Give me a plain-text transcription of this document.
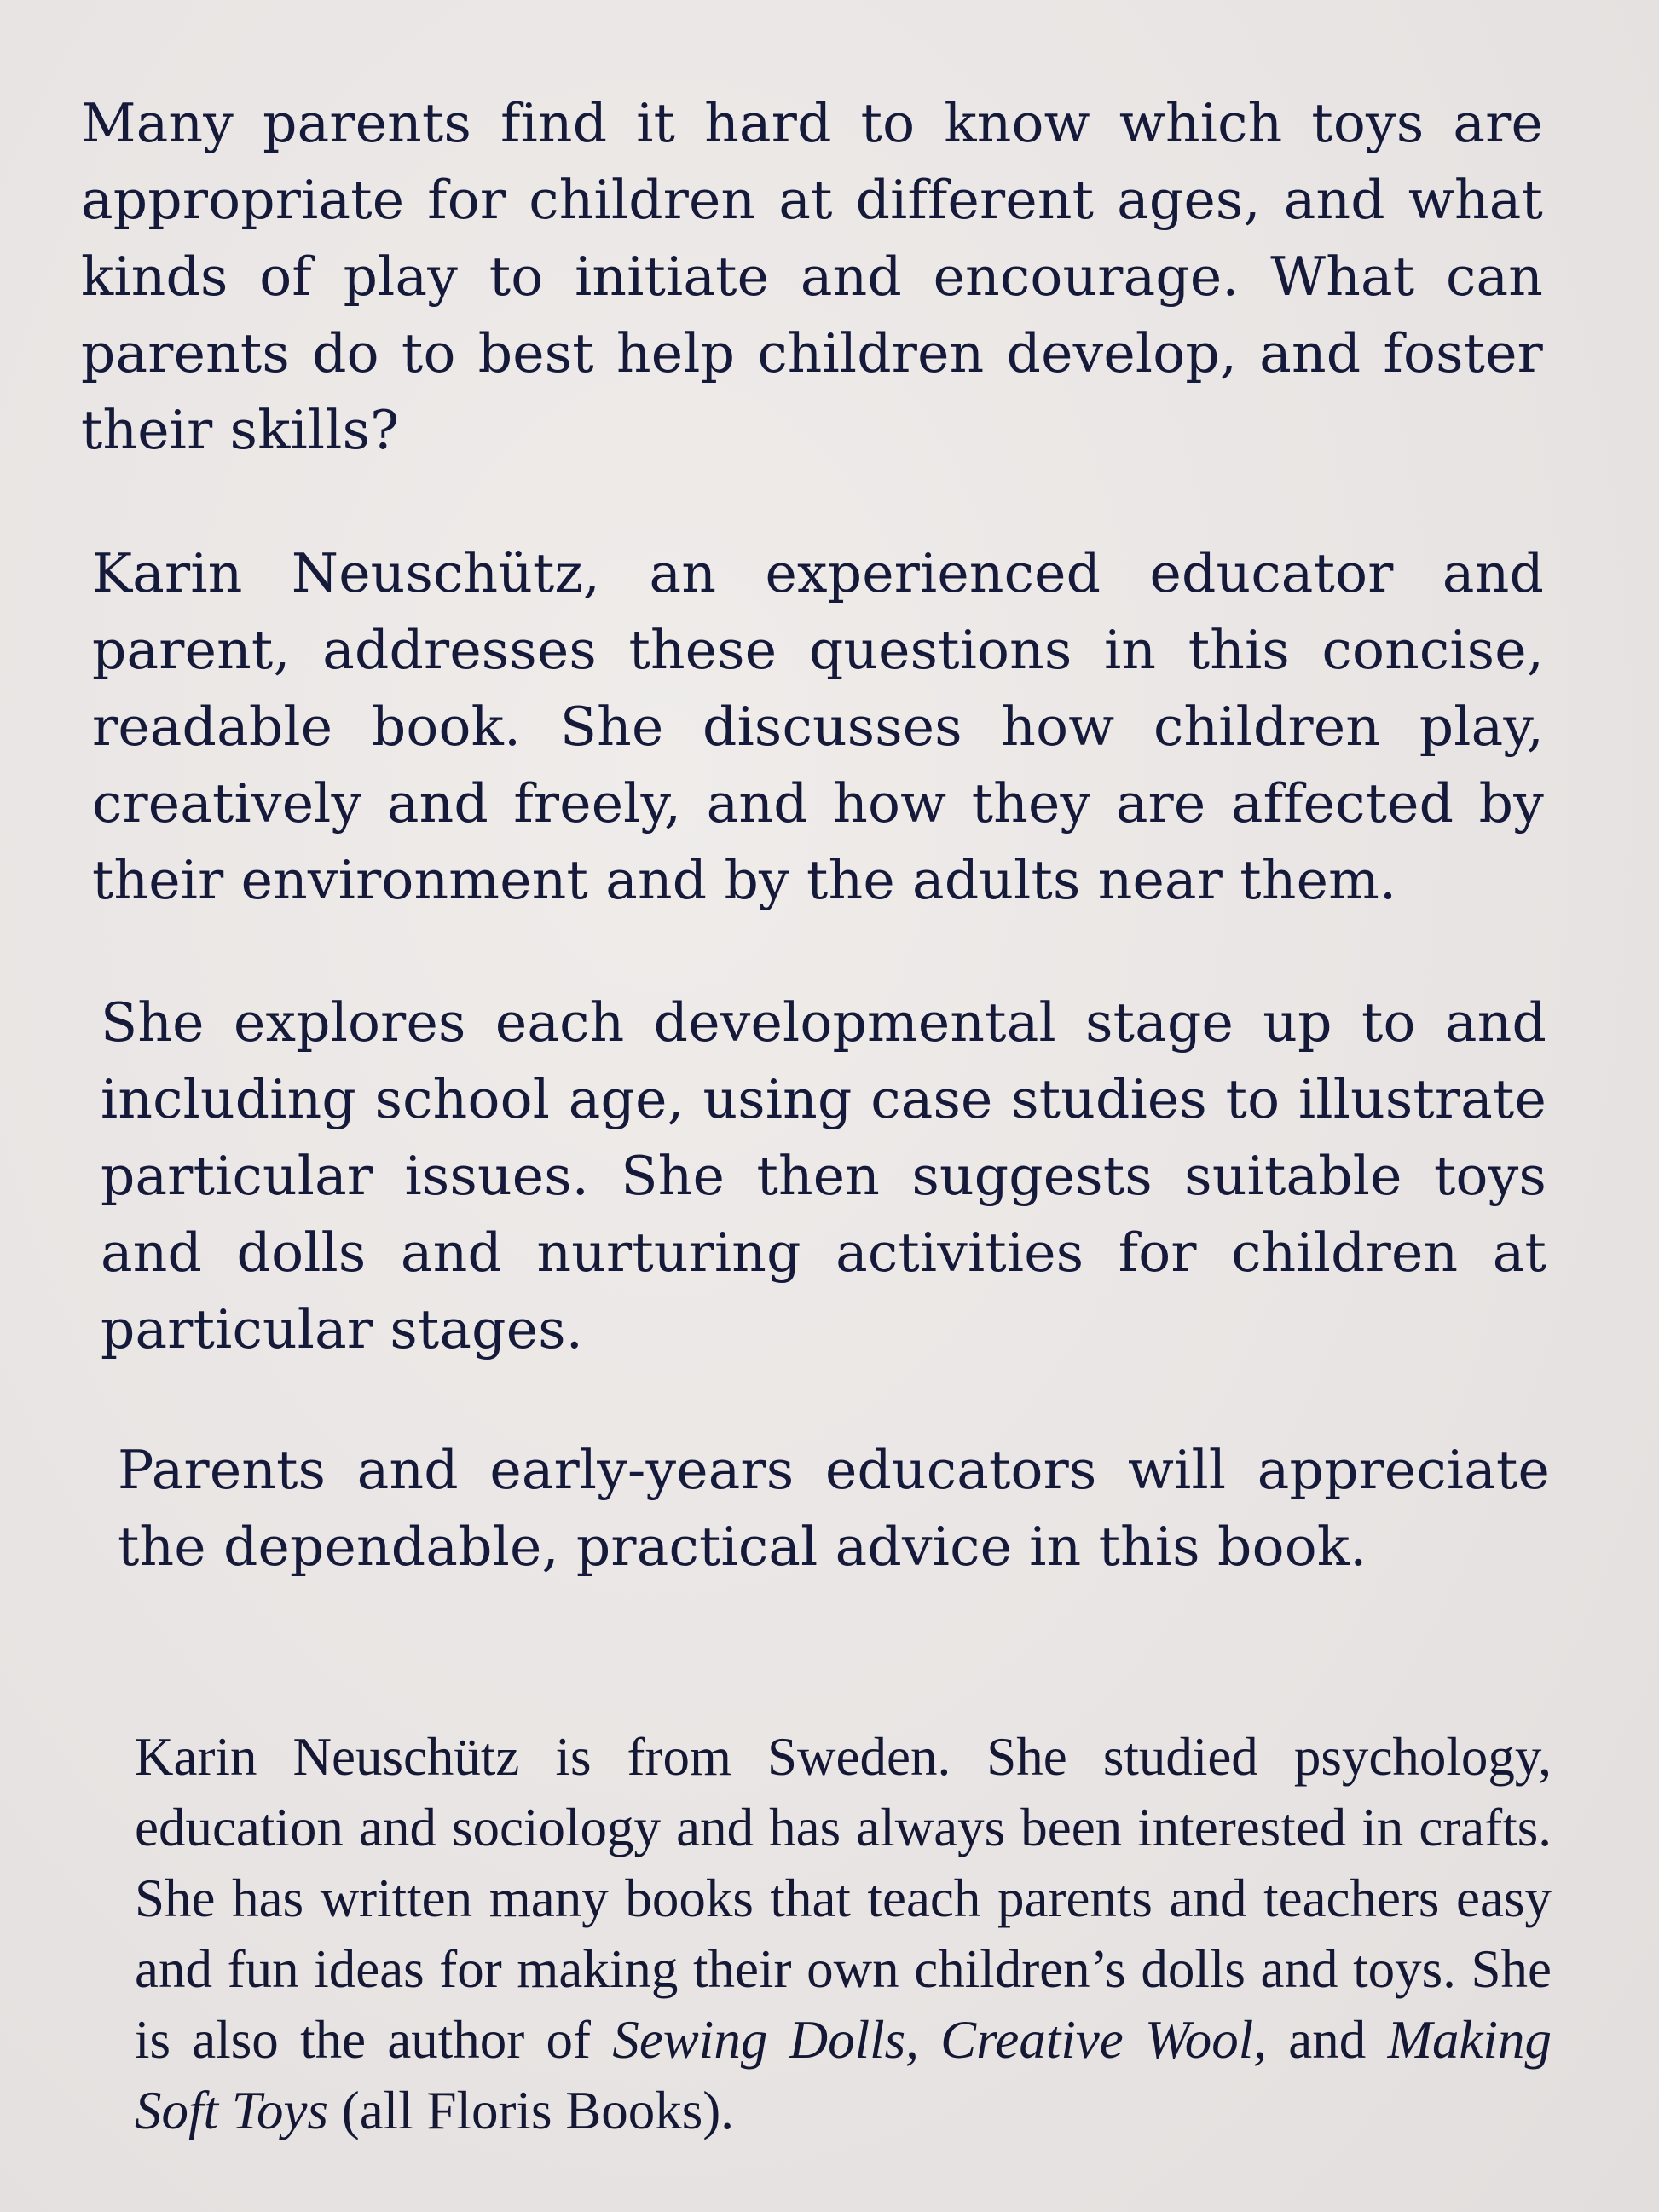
Many parents find it hard to know which toys are appropriate for children at different ages, and what kinds of play to initiate and encourage. What can parents do to best help children develop, and foster their skills?

Karin Neuschütz, an experienced educator and parent, addresses these questions in this concise, readable book. She discusses how children play, creatively and freely, and how they are affected by their environment and by the adults near them.

She explores each developmental stage up to and including school age, using case studies to illustrate particular issues. She then suggests suitable toys and dolls and nurturing activities for children at particular stages.

Parents and early-years educators will appreciate the dependable, practical advice in this book.

Karin Neuschütz is from Sweden. She studied psychology, education and sociology and has always been interested in crafts. She has written many books that teach parents and teachers easy and fun ideas for making their own children’s dolls and toys. She is also the author of Sewing Dolls, Creative Wool, and Making Soft Toys (all Floris Books).
